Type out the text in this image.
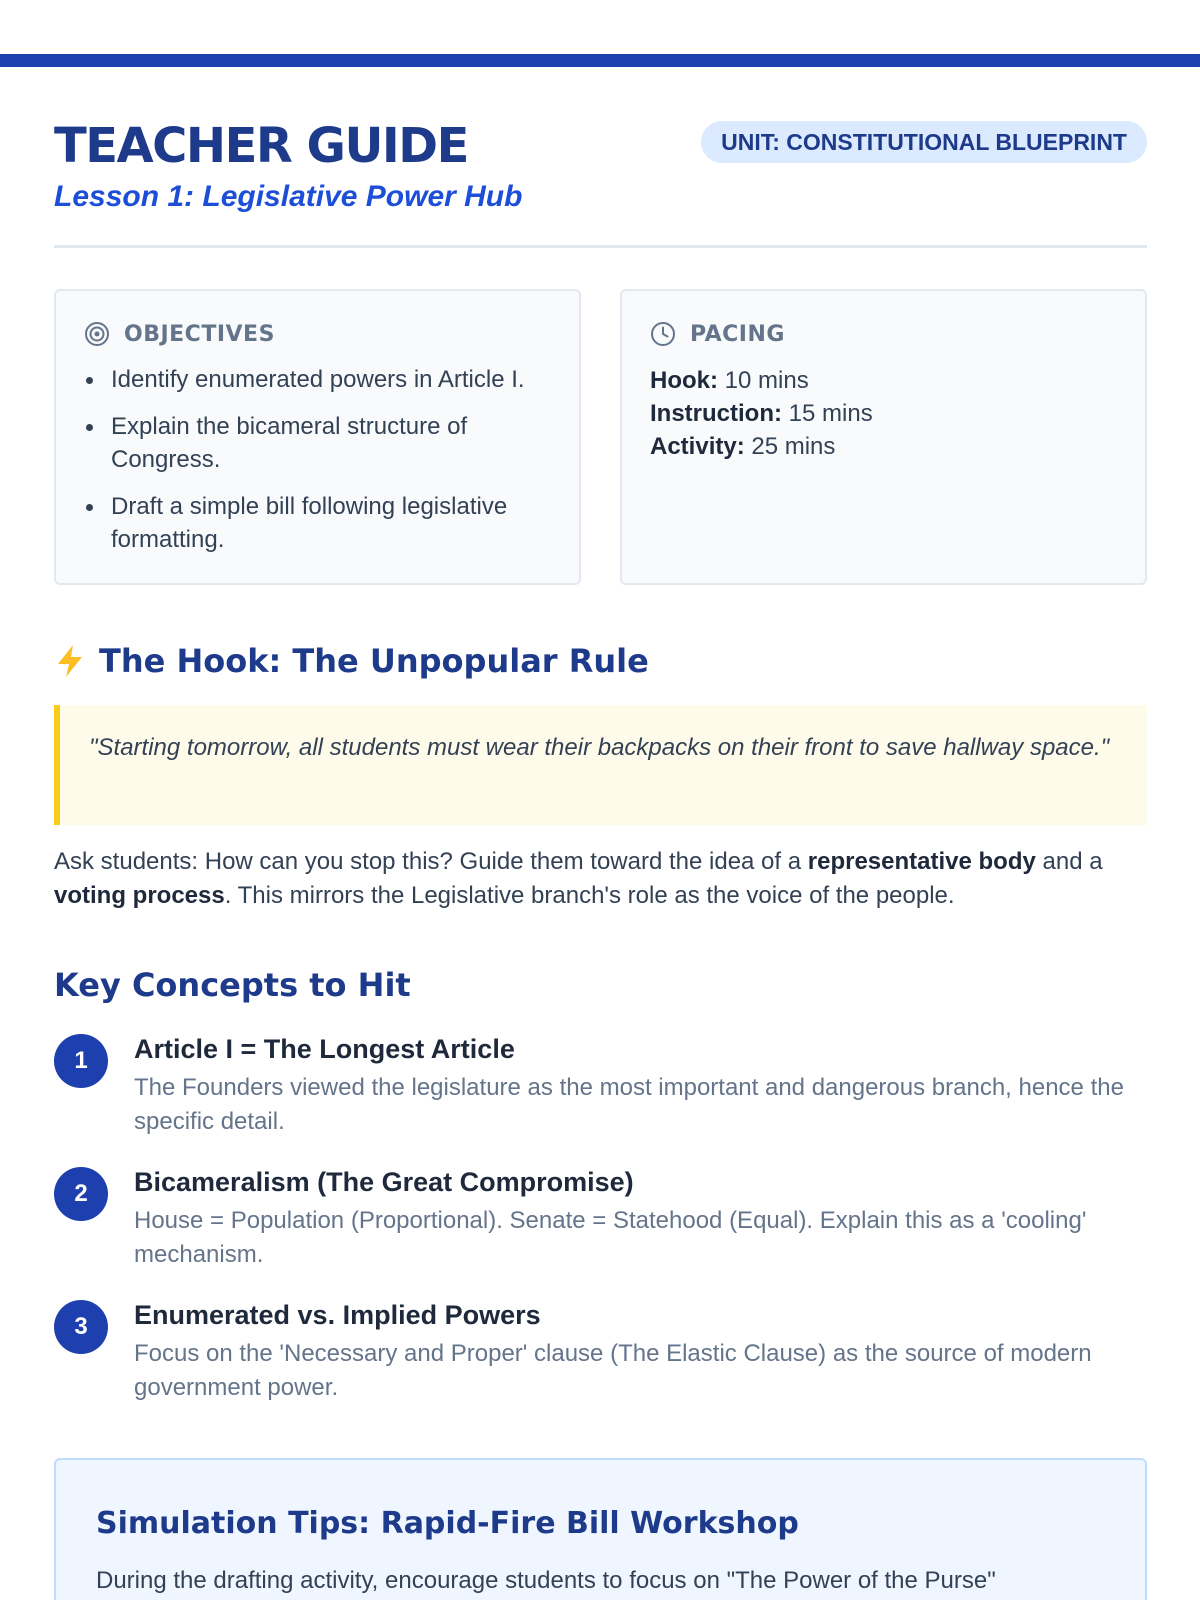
TEACHER GUIDE
Lesson 1: Legislative Power Hub
UNIT: CONSTITUTIONAL BLUEPRINT
OBJECTIVES
Identify enumerated powers in Article I.
Explain the bicameral structure of Congress.
Draft a simple bill following legislative formatting.
PACING
Hook: 10 mins
Instruction: 15 mins
Activity: 25 mins
The Hook: The Unpopular Rule
"Starting tomorrow, all students must wear their backpacks on their front to save hallway space."

Ask students: How can you stop this? Guide them toward the idea of a representative body and a voting process. This mirrors the Legislative branch's role as the voice of the people.

Key Concepts to Hit
1	Article I = The Longest Article
The Founders viewed the legislature as the most important and dangerous branch, hence the specific detail.
2	Bicameralism (The Great Compromise)
House = Population (Proportional). Senate = Statehood (Equal). Explain this as a 'cooling' mechanism.
3	Enumerated vs. Implied Powers
Focus on the 'Necessary and Proper' clause (The Elastic Clause) as the source of modern government power.
Simulation Tips: Rapid-Fire Bill Workshop
During the drafting activity, encourage students to focus on "The Power of the Purse"
